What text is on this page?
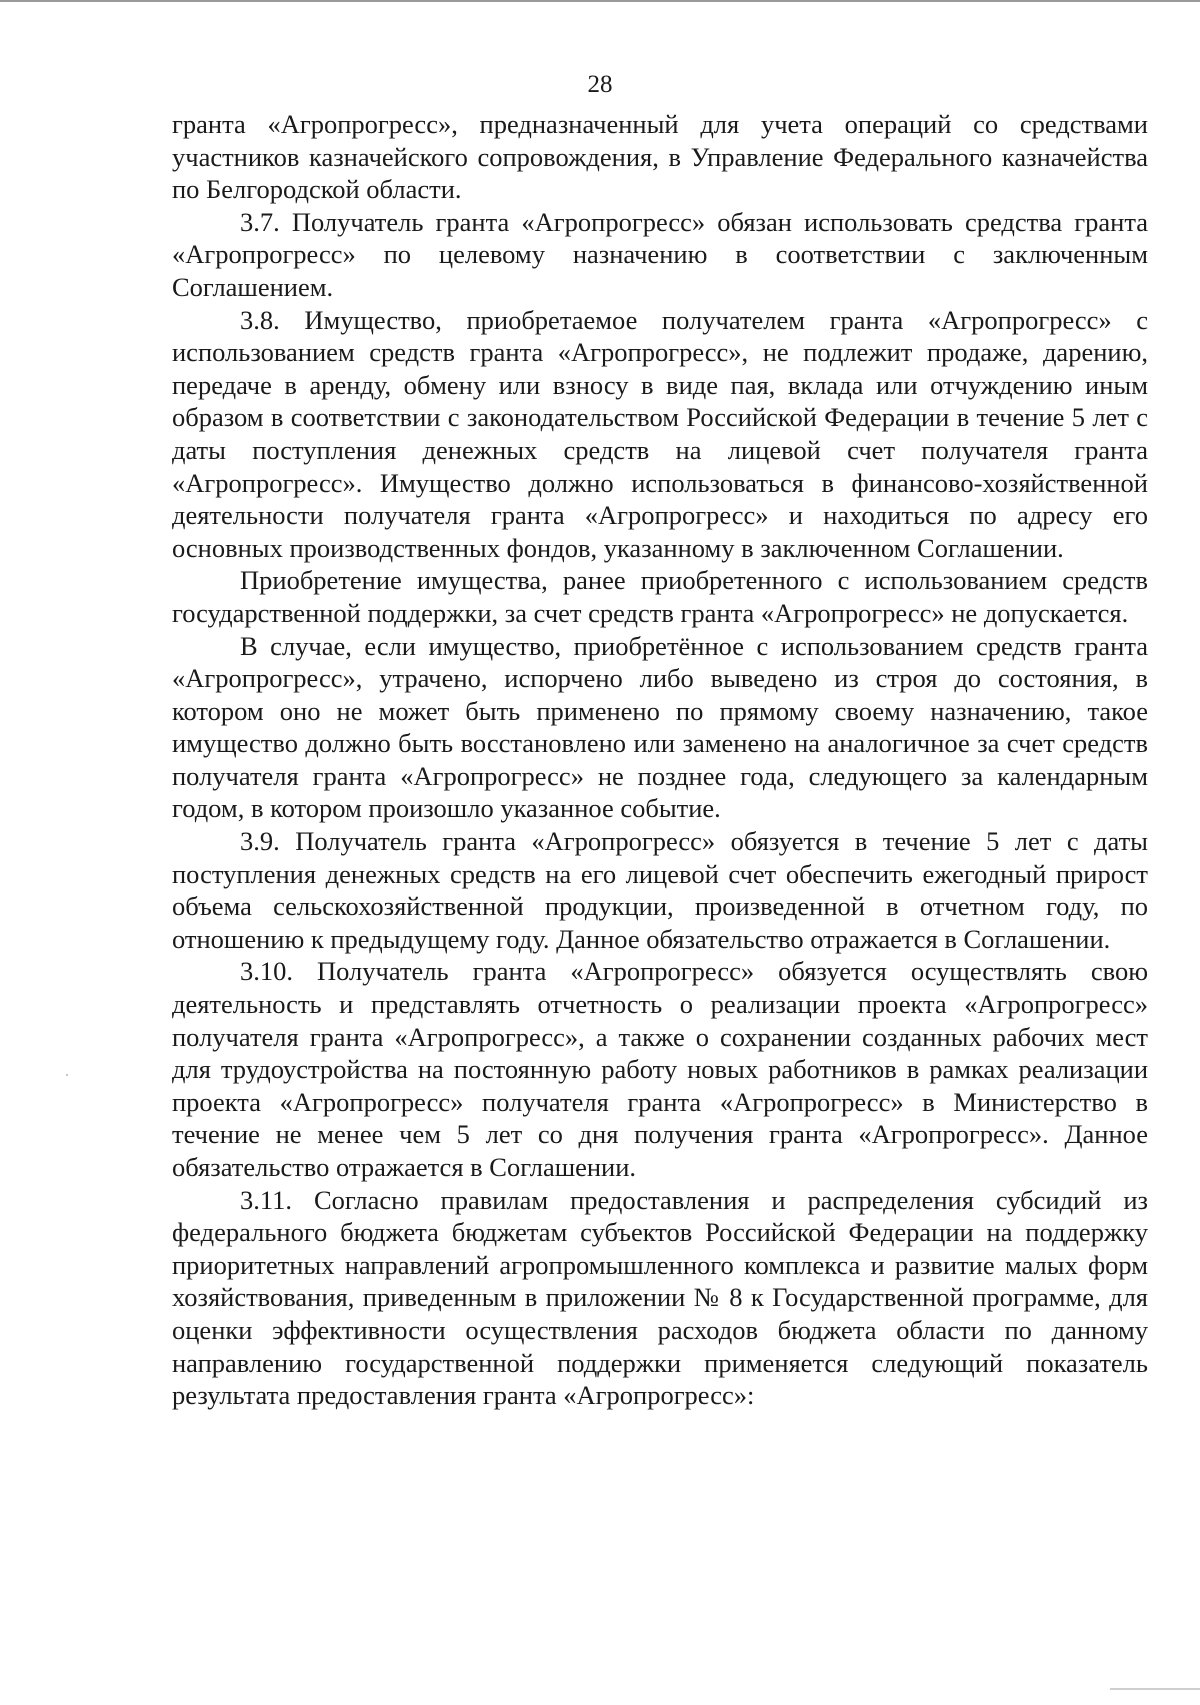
28

гранта «Агропрогресс», предназначенный для учета операций со средствами участников казначейского сопровождения, в Управление Федерального казначейства по Белгородской области.

3.7. Получатель гранта «Агропрогресс» обязан использовать средства гранта «Агропрогресс» по целевому назначению в соответствии с заключенным Соглашением.

3.8. Имущество, приобретаемое получателем гранта «Агропрогресс» с использованием средств гранта «Агропрогресс», не подлежит продаже, дарению, передаче в аренду, обмену или взносу в виде пая, вклада или отчуждению иным образом в соответствии с законодательством Российской Федерации в течение 5 лет с даты поступления денежных средств на лицевой счет получателя гранта «Агропрогресс». Имущество должно использоваться в финансово-хозяйственной деятельности получателя гранта «Агропрогресс» и находиться по адресу его основных производственных фондов, указанному в заключенном Соглашении.

Приобретение имущества, ранее приобретенного с использованием средств государственной поддержки, за счет средств гранта «Агропрогресс» не допускается.

В случае, если имущество, приобретённое с использованием средств гранта «Агропрогресс», утрачено, испорчено либо выведено из строя до состояния, в котором оно не может быть применено по прямому своему назначению, такое имущество должно быть восстановлено или заменено на аналогичное за счет средств получателя гранта «Агропрогресс» не позднее года, следующего за календарным годом, в котором произошло указанное событие.

3.9. Получатель гранта «Агропрогресс» обязуется в течение 5 лет с даты поступления денежных средств на его лицевой счет обеспечить ежегодный прирост объема сельскохозяйственной продукции, произведенной в отчетном году, по отношению к предыдущему году. Данное обязательство отражается в Соглашении.

3.10. Получатель гранта «Агропрогресс» обязуется осуществлять свою деятельность и представлять отчетность о реализации проекта «Агропрогресс» получателя гранта «Агропрогресс», а также о сохранении созданных рабочих мест для трудоустройства на постоянную работу новых работников в рамках реализации проекта «Агропрогресс» получателя гранта «Агропрогресс» в Министерство в течение не менее чем 5 лет со дня получения гранта «Агропрогресс». Данное обязательство отражается в Соглашении.

3.11. Согласно правилам предоставления и распределения субсидий из федерального бюджета бюджетам субъектов Российской Федерации на поддержку приоритетных направлений агропромышленного комплекса и развитие малых форм хозяйствования, приведенным в приложении № 8 к Государственной программе, для оценки эффективности осуществления расходов бюджета области по данному направлению государственной поддержки применяется следующий показатель результата предоставления гранта «Агропрогресс»:
